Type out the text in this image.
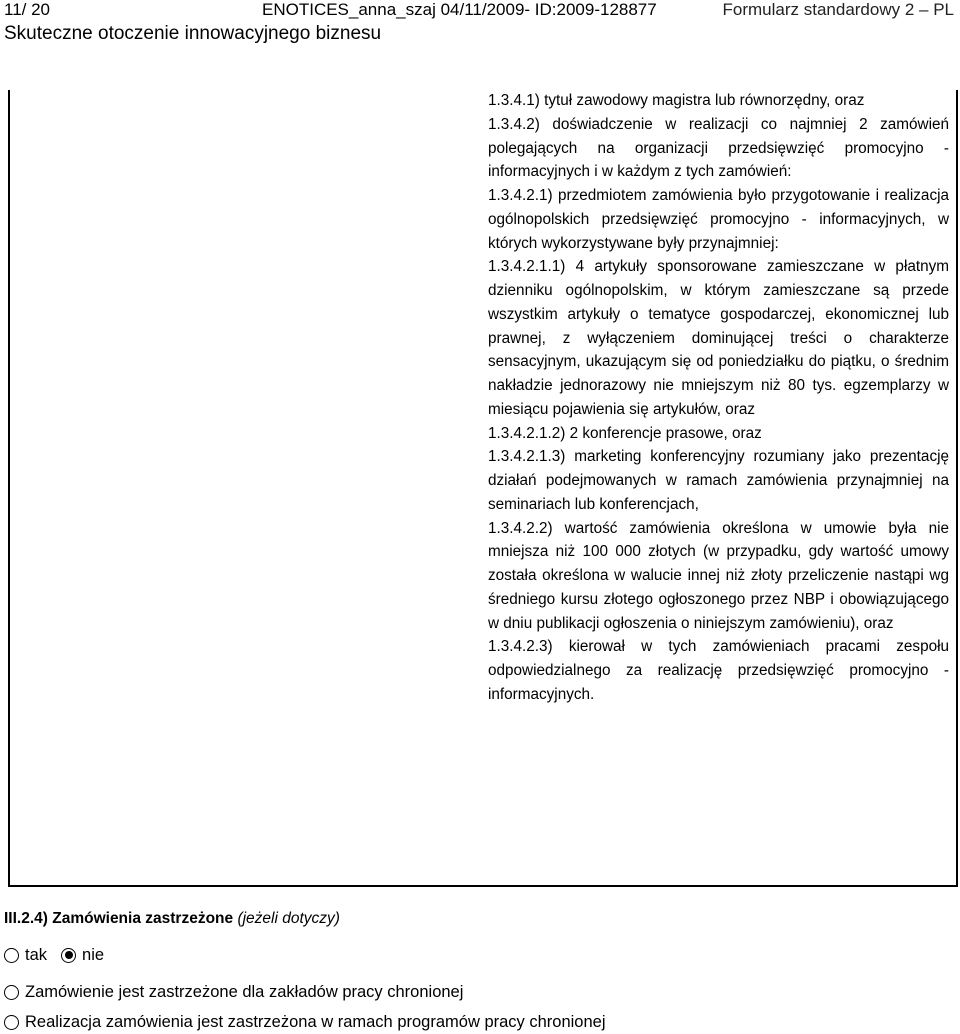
11/ 20	ENOTICES_anna_szaj 04/11/2009- ID:2009-128877	Formularz standardowy 2 – PL
Skuteczne otoczenie innowacyjnego biznesu

1.3.4.1) tytuł zawodowy magistra lub równorzędny, oraz

1.3.4.2) doświadczenie w realizacji co najmniej 2 zamówień polegających na organizacji przedsięwzięć promocyjno - informacyjnych i w każdym z tych zamówień:

1.3.4.2.1) przedmiotem zamówienia było przygotowanie i realizacja ogólnopolskich przedsięwzięć promocyjno - informacyjnych, w których wykorzystywane były przynajmniej:

1.3.4.2.1.1) 4 artykuły sponsorowane zamieszczane w płatnym dzienniku ogólnopolskim, w którym zamieszczane są przede wszystkim artykuły o tematyce gospodarczej, ekonomicznej lub prawnej, z wyłączeniem dominującej treści o charakterze sensacyjnym, ukazującym się od poniedziałku do piątku, o średnim nakładzie jednorazowy nie mniejszym niż 80 tys. egzemplarzy w miesiącu pojawienia się artykułów, oraz

1.3.4.2.1.2) 2 konferencje prasowe, oraz

1.3.4.2.1.3) marketing konferencyjny rozumiany jako prezentację działań podejmowanych w ramach zamówienia przynajmniej na seminariach lub konferencjach,

1.3.4.2.2) wartość zamówienia określona w umowie była nie mniejsza niż 100 000 złotych (w przypadku, gdy wartość umowy została określona w walucie innej niż złoty przeliczenie nastąpi wg średniego kursu złotego ogłoszonego przez NBP i obowiązującego w dniu publikacji ogłoszenia o niniejszym zamówieniu), oraz

1.3.4.2.3) kierował w tych zamówieniach pracami zespołu odpowiedzialnego za realizację przedsięwzięć promocyjno - informacyjnych.

III.2.4) Zamówienia zastrzeżone (jeżeli dotyczy)
tak nie
Zamówienie jest zastrzeżone dla zakładów pracy chronionej
Realizacja zamówienia jest zastrzeżona w ramach programów pracy chronionej
